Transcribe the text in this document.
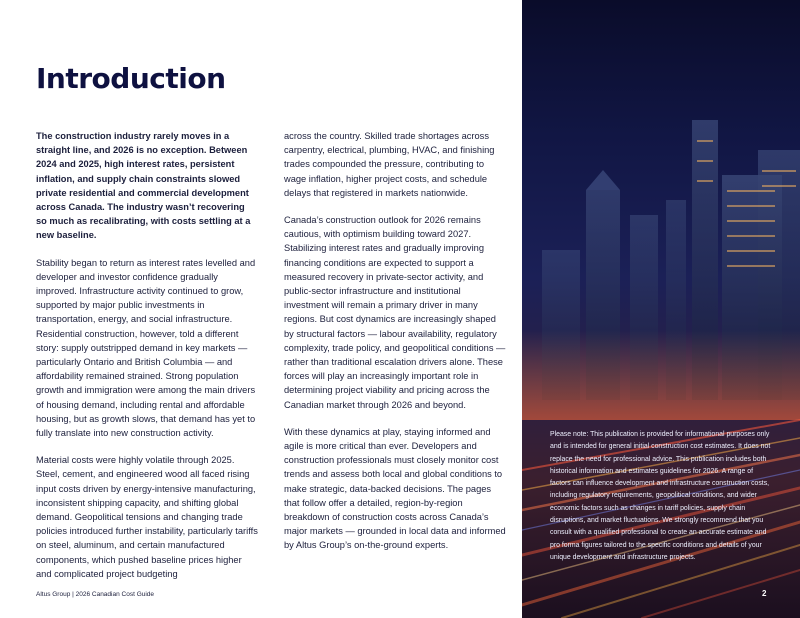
Introduction

The construction industry rarely moves in a straight line, and 2026 is no exception. Between 2024 and 2025, high interest rates, persistent inflation, and supply chain constraints slowed private residential and commercial development across Canada. The industry wasn’t recovering so much as recalibrating, with costs settling at a new baseline.

Stability began to return as interest rates levelled and developer and investor confidence gradually improved. Infrastructure activity continued to grow, supported by major public investments in transportation, energy, and social infrastructure. Residential construction, however, told a different story: supply outstripped demand in key markets — particularly Ontario and British Columbia — and affordability remained strained. Strong population growth and immigration were among the main drivers of housing demand, including rental and affordable housing, but as growth slows, that demand has yet to fully translate into new construction activity.

Material costs were highly volatile through 2025. Steel, cement, and engineered wood all faced rising input costs driven by energy-intensive manufacturing, inconsistent shipping capacity, and shifting global demand. Geopolitical tensions and changing trade policies introduced further instability, particularly tariffs on steel, aluminum, and certain manufactured components, which pushed baseline prices higher and complicated project budgeting

across the country. Skilled trade shortages across carpentry, electrical, plumbing, HVAC, and finishing trades compounded the pressure, contributing to wage inflation, higher project costs, and schedule delays that registered in markets nationwide.

Canada’s construction outlook for 2026 remains cautious, with optimism building toward 2027. Stabilizing interest rates and gradually improving financing conditions are expected to support a measured recovery in private-sector activity, and public-sector infrastructure and institutional investment will remain a primary driver in many regions. But cost dynamics are increasingly shaped by structural factors — labour availability, regulatory complexity, trade policy, and geopolitical conditions — rather than traditional escalation drivers alone. These forces will play an increasingly important role in determining project viability and pricing across the Canadian market through 2026 and beyond.

With these dynamics at play, staying informed and agile is more critical than ever. Developers and construction professionals must closely monitor cost trends and assess both local and global conditions to make strategic, data-backed decisions. The pages that follow offer a detailed, region-by-region breakdown of construction costs across Canada’s major markets — grounded in local data and informed by Altus Group’s on-the-ground experts.

Please note: This publication is provided for informational purposes only and is intended for general initial construction cost estimates. It does not replace the need for professional advice. This publication includes both historical information and estimates guidelines for 2026. A range of factors can influence development and infrastructure construction costs, including regulatory requirements, geopolitical conditions, and wider economic factors such as changes in tariff policies, supply chain disruptions, and market fluctuations. We strongly recommend that you consult with a qualified professional to create an accurate estimate and pro forma figures tailored to the specific conditions and details of your unique development and infrastructure projects.
Altus Group | 2026 Canadian Cost Guide	2
